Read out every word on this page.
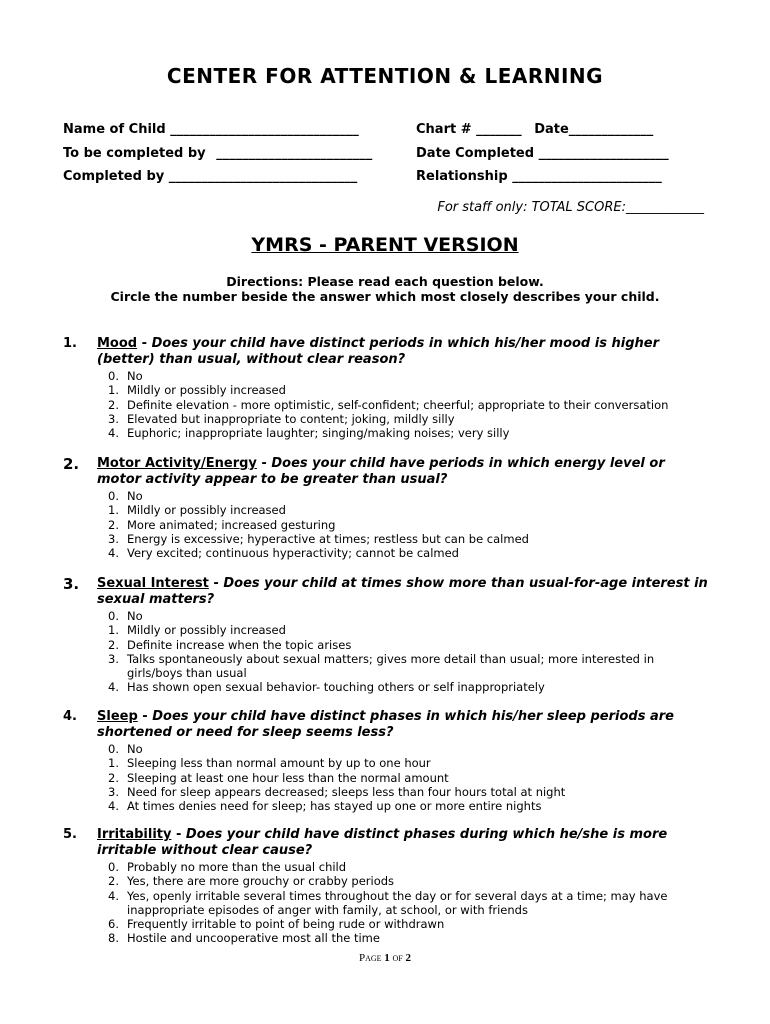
CENTER FOR ATTENTION & LEARNING
Name of Child _____________________________	Chart # _______ Date_____________
To be completed by ________________________	Date Completed ____________________
Completed by _____________________________	Relationship _______________________
For staff only: TOTAL SCORE:____________
YMRS - PARENT VERSION
Directions: Please read each question below.
Circle the number beside the answer which most closely describes your child.
1.	Mood - Does your child have distinct periods in which his/her mood is higher (better) than usual, without clear reason?
0. No
1. Mildly or possibly increased
2. Definite elevation - more optimistic, self-confident; cheerful; appropriate to their conversation
3. Elevated but inappropriate to content; joking, mildly silly
4. Euphoric; inappropriate laughter; singing/making noises; very silly
2.	Motor Activity/Energy - Does your child have periods in which energy level or motor activity appear to be greater than usual?
0. No
1. Mildly or possibly increased
2. More animated; increased gesturing
3. Energy is excessive; hyperactive at times; restless but can be calmed
4. Very excited; continuous hyperactivity; cannot be calmed
3.	Sexual Interest - Does your child at times show more than usual-for-age interest in sexual matters?
0. No
1. Mildly or possibly increased
2. Definite increase when the topic arises
3. Talks spontaneously about sexual matters; gives more detail than usual; more interested in girls/boys than usual
4. Has shown open sexual behavior- touching others or self inappropriately
4.	Sleep - Does your child have distinct phases in which his/her sleep periods are shortened or need for sleep seems less?
0. No
1. Sleeping less than normal amount by up to one hour
2. Sleeping at least one hour less than the normal amount
3. Need for sleep appears decreased; sleeps less than four hours total at night
4. At times denies need for sleep; has stayed up one or more entire nights
5.	Irritability - Does your child have distinct phases during which he/she is more irritable without clear cause?
0. Probably no more than the usual child
2. Yes, there are more grouchy or crabby periods
4. Yes, openly irritable several times throughout the day or for several days at a time; may have inappropriate episodes of anger with family, at school, or with friends
6. Frequently irritable to point of being rude or withdrawn
8. Hostile and uncooperative most all the time
Page 1 of 2
